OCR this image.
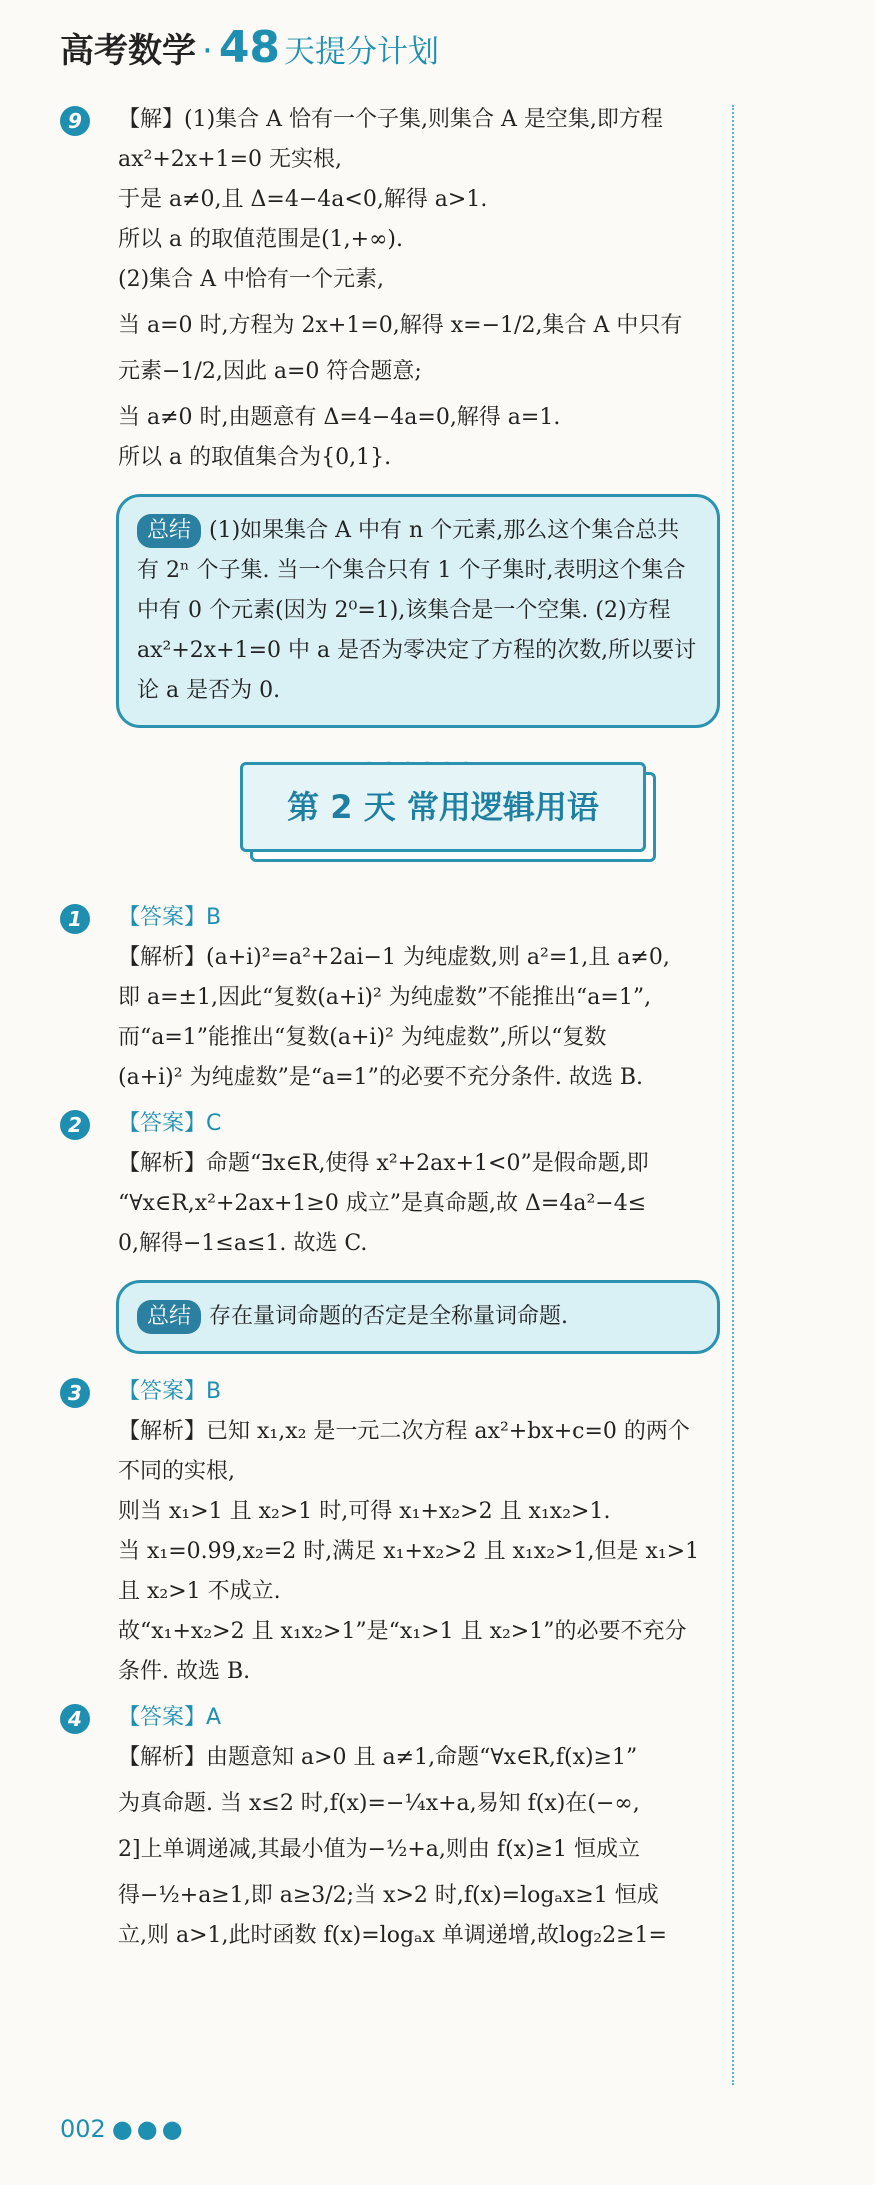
高考数学 · 48 天提分计划
9	【解】(1)集合 A 恰有一个子集,则集合 A 是空集,即方程
ax²+2x+1=0 无实根,
于是 a≠0,且 Δ=4−4a<0,解得 a>1.
所以 a 的取值范围是(1,+∞).
(2)集合 A 中恰有一个元素,
当 a=0 时,方程为 2x+1=0,解得 x=−1/2,集合 A 中只有
元素−1/2,因此 a=0 符合题意;
当 a≠0 时,由题意有 Δ=4−4a=0,解得 a=1.
所以 a 的取值集合为{0,1}.
总结 (1)如果集合 A 中有 n 个元素,那么这个集合总共有 2ⁿ 个子集. 当一个集合只有 1 个子集时,表明这个集合中有 0 个元素(因为 2⁰=1),该集合是一个空集. (2)方程 ax²+2x+1=0 中 a 是否为零决定了方程的次数,所以要讨论 a 是否为 0.
第 2 天 常用逻辑用语
1	【答案】B
【解析】(a+i)²=a²+2ai−1 为纯虚数,则 a²=1,且 a≠0,
即 a=±1,因此“复数(a+i)² 为纯虚数”不能推出“a=1”,
而“a=1”能推出“复数(a+i)² 为纯虚数”,所以“复数
(a+i)² 为纯虚数”是“a=1”的必要不充分条件. 故选 B.
2	【答案】C
【解析】命题“∃x∈R,使得 x²+2ax+1<0”是假命题,即
“∀x∈R,x²+2ax+1≥0 成立”是真命题,故 Δ=4a²−4≤
0,解得−1≤a≤1. 故选 C.
总结 存在量词命题的否定是全称量词命题.
3	【答案】B
【解析】已知 x₁,x₂ 是一元二次方程 ax²+bx+c=0 的两个
不同的实根,
则当 x₁>1 且 x₂>1 时,可得 x₁+x₂>2 且 x₁x₂>1.
当 x₁=0.99,x₂=2 时,满足 x₁+x₂>2 且 x₁x₂>1,但是 x₁>1
且 x₂>1 不成立.
故“x₁+x₂>2 且 x₁x₂>1”是“x₁>1 且 x₂>1”的必要不充分
条件. 故选 B.
4	【答案】A
【解析】由题意知 a>0 且 a≠1,命题“∀x∈R,f(x)≥1”
为真命题. 当 x≤2 时,f(x)=−¼x+a,易知 f(x)在(−∞,
2]上单调递减,其最小值为−½+a,则由 f(x)≥1 恒成立
得−½+a≥1,即 a≥3/2;当 x>2 时,f(x)=logₐx≥1 恒成
立,则 a>1,此时函数 f(x)=logₐx 单调递增,故log₂2≥1=
002 ●●●
